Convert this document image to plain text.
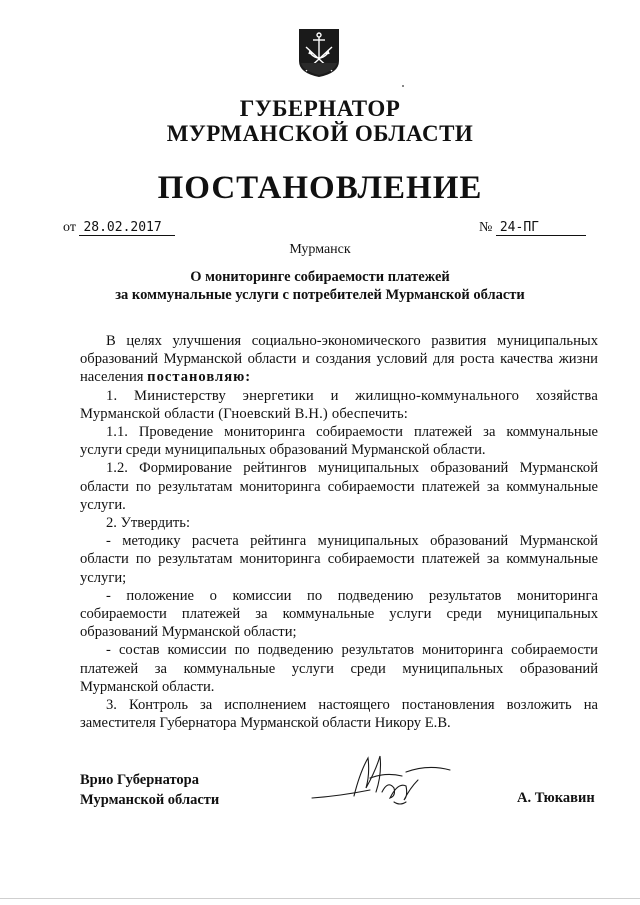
ГУБЕРНАТОР
МУРМАНСКОЙ ОБЛАСТИ
ПОСТАНОВЛЕНИЕ
от 28.02.2017	№ 24-ПГ
Мурманск
О мониторинге собираемости платежей
за коммунальные услуги с потребителей Мурманской области

В целях улучшения социально-экономического развития муниципальных образований Мурманской области и создания условий для роста качества жизни населения постановляю:

1. Министерству энергетики и жилищно-коммунального хозяйства Мурманской области (Гноевский В.Н.) обеспечить:

1.1. Проведение мониторинга собираемости платежей за коммунальные услуги среди муниципальных образований Мурманской области.

1.2. Формирование рейтингов муниципальных образований Мурманской области по результатам мониторинга собираемости платежей за коммунальные услуги.

2. Утвердить:

- методику расчета рейтинга муниципальных образований Мурманской области по результатам мониторинга собираемости платежей за коммунальные услуги;

- положение о комиссии по подведению результатов мониторинга собираемости платежей за коммунальные услуги среди муниципальных образований Мурманской области;

- состав комиссии по подведению результатов мониторинга собираемости платежей за коммунальные услуги среди муниципальных образований Мурманской области.

3. Контроль за исполнением настоящего постановления возложить на заместителя Губернатора Мурманской области Никору Е.В.

Врио Губернатора
Мурманской области	А. Тюкавин
